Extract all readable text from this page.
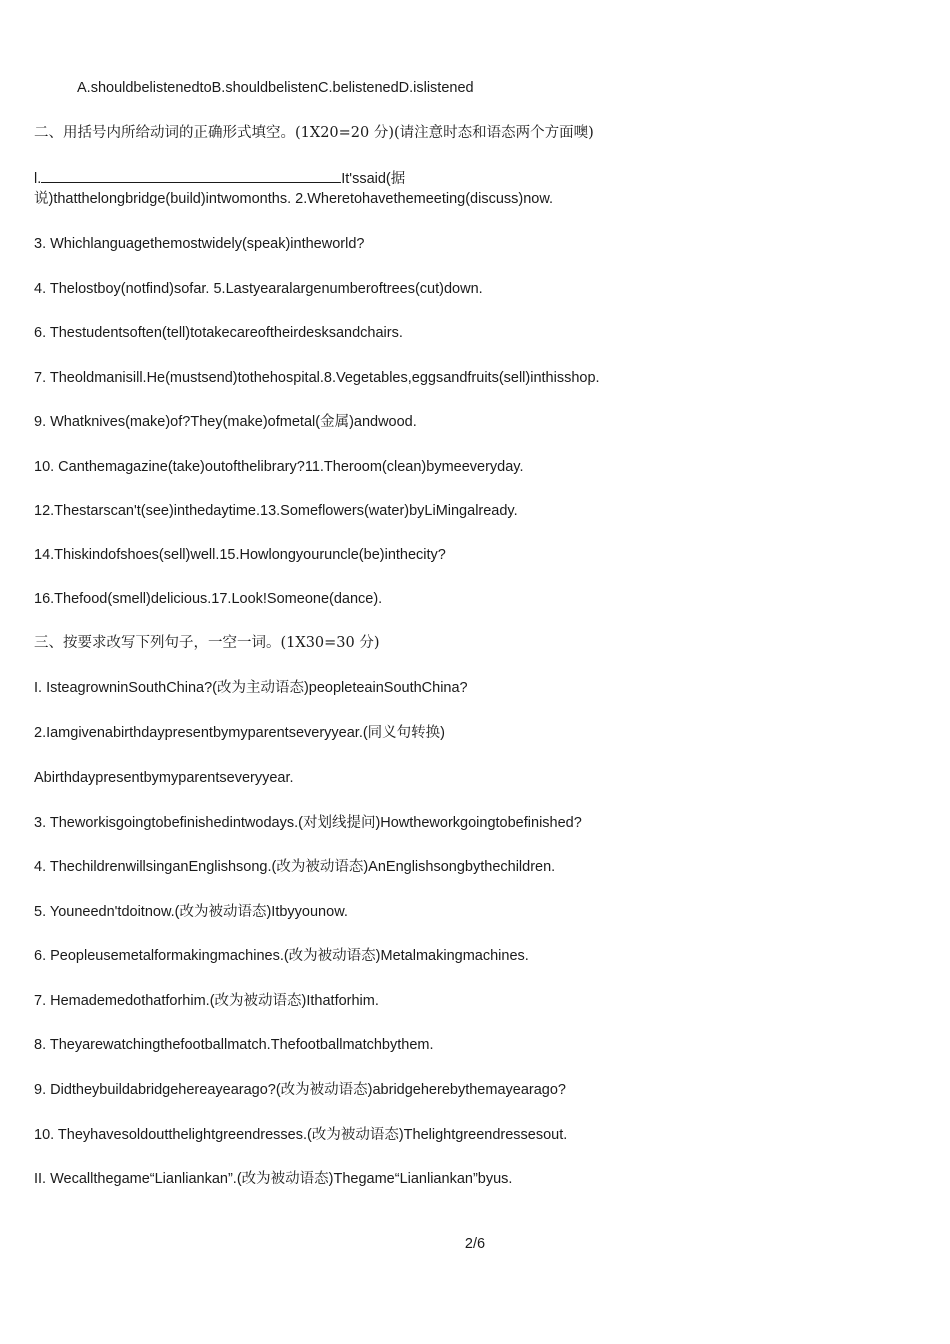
A.shouldbelistenedtoB.shouldbelistenC.belistenedD.islistened
二、用括号内所给动词的正确形式填空。(1X20=20 分)(请注意时态和语态两个方面噢)
l.	It'ssaid(据
说)thatthelongbridge(build)intwomonths. 2.Wheretohavethemeeting(discuss)now.
3. Whichlanguagethemostwidely(speak)intheworld?
4. Thelostboy(notfind)sofar. 5.Lastyearalargenumberoftrees(cut)down.
6. Thestudentsoften(tell)totakecareoftheirdesksandchairs.
7. Theoldmanisill.He(mustsend)tothehospital.8.Vegetables,eggsandfruits(sell)inthisshop.
9. Whatknives(make)of?They(make)ofmetal(金属)andwood.
10. Canthemagazine(take)outofthelibrary?11.Theroom(clean)bymeeveryday.
12.Thestarscan't(see)inthedaytime.13.Someflowers(water)byLiMingalready.
14.Thiskindofshoes(sell)well.15.Howlongyouruncle(be)inthecity?
16.Thefood(smell)delicious.17.Look!Someone(dance).
三、按要求改写下列句子，一空一词。(1X30=30 分)
I. IsteagrowninSouthChina?(改为主动语态)peopleteainSouthChina?
2.Iamgivenabirthdaypresentbymyparentseveryyear.(同义句转换)
Abirthdaypresentbymyparentseveryyear.
3. Theworkisgoingtobefinishedintwodays.(对划线提问)Howtheworkgoingtobefinished?
4. ThechildrenwillsinganEnglishsong.(改为被动语态)AnEnglishsongbythechildren.
5. Youneedn'tdoitnow.(改为被动语态)Itbyyounow.
6. Peopleusemetalformakingmachines.(改为被动语态)Metalmakingmachines.
7. Hemademedothatforhim.(改为被动语态)Ithatforhim.
8. Theyarewatchingthefootballmatch.Thefootballmatchbythem.
9. Didtheybuildabridgehereayearago?(改为被动语态)abridgeherebythemayearago?
10. Theyhavesoldoutthelightgreendresses.(改为被动语态)Thelightgreendressesout.
II. Wecallthegame“Lianliankan”.(改为被动语态)Thegame“Lianliankan”byus.
2/6
